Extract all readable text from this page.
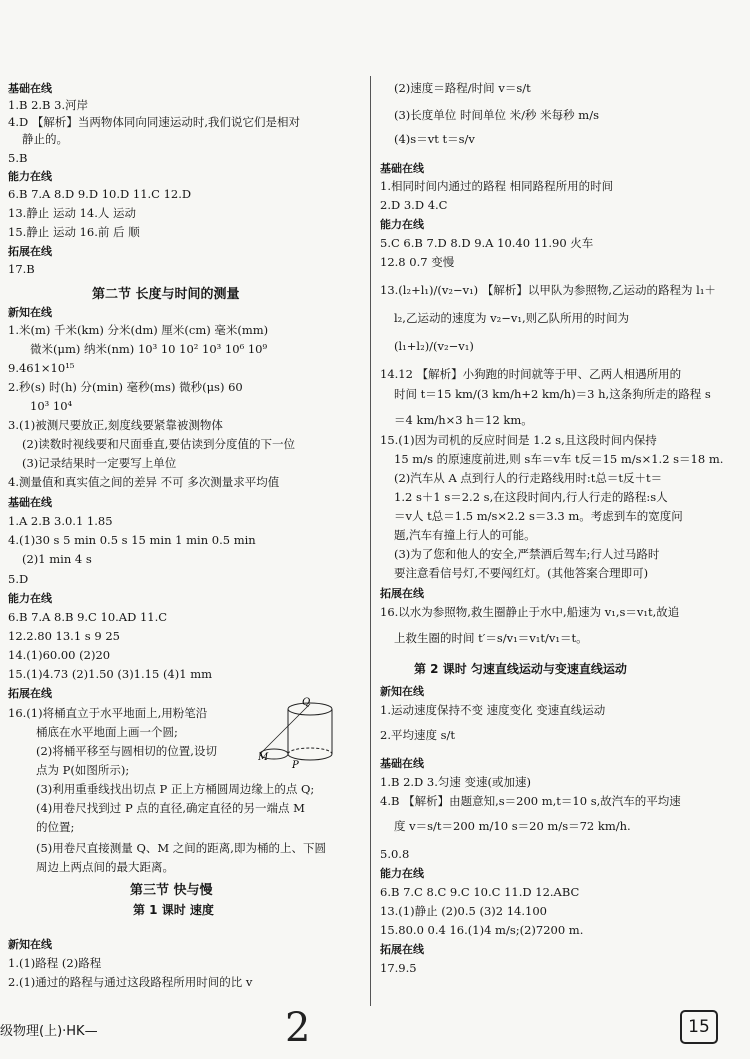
第二节 长度与时间的测量
第三节 快与慢
第 1 课时 速度
Q
M
P
基础在线
1.B 2.B 3.河岸
4.D 【解析】当两物体同向同速运动时,我们说它们是相对
静止的。
5.B
能力在线
6.B 7.A 8.D 9.D 10.D 11.C 12.D
13.静止 运动 14.人 运动
15.静止 运动 16.前 后 顺
拓展在线
17.B
新知在线
1.米(m) 千米(km) 分米(dm) 厘米(cm) 毫米(mm)
微米(μm) 纳米(nm) 10³ 10 10² 10³ 10⁶ 10⁹
9.461×10¹⁵
2.秒(s) 时(h) 分(min) 毫秒(ms) 微秒(μs) 60
10³ 10⁴
3.(1)被测尺要放正,刻度线要紧靠被测物体
(2)读数时视线要和尺面垂直,要估读到分度值的下一位
(3)记录结果时一定要写上单位
4.测量值和真实值之间的差异 不可 多次测量求平均值
基础在线
1.A 2.B 3.0.1 1.85
4.(1)30 s 5 min 0.5 s 15 min 1 min 0.5 min
(2)1 min 4 s
5.D
能力在线
6.B 7.A 8.B 9.C 10.AD 11.C
12.2.80 13.1 s 9 25
14.(1)60.00 (2)20
15.(1)4.73 (2)1.50 (3)1.15 (4)1 mm
拓展在线
16.(1)将桶直立于水平地面上,用粉笔沿
桶底在水平地面上画一个圆;
(2)将桶平移至与圆相切的位置,设切
点为 P(如图所示);
(3)利用重垂线找出切点 P 正上方桶圆周边缘上的点 Q;
(4)用卷尺找到过 P 点的直径,确定直径的另一端点 M
的位置;
(5)用卷尺直接测量 Q、M 之间的距离,即为桶的上、下圆
周边上两点间的最大距离。
新知在线
1.(1)路程 (2)路程
2.(1)通过的路程与通过这段路程所用时间的比 v
第 2 课时 匀速直线运动与变速直线运动
(2)速度＝路程/时间 v＝s/t
(3)长度单位 时间单位 米/秒 米每秒 m/s
(4)s＝vt t＝s/v
基础在线
1.相同时间内通过的路程 相同路程所用的时间
2.D 3.D 4.C
能力在线
5.C 6.B 7.D 8.D 9.A 10.40 11.90 火车
12.8 0.7 变慢
13.(l₂+l₁)/(v₂−v₁) 【解析】以甲队为参照物,乙运动的路程为 l₁＋
l₂,乙运动的速度为 v₂−v₁,则乙队所用的时间为
(l₁+l₂)/(v₂−v₁)
14.12 【解析】小狗跑的时间就等于甲、乙两人相遇所用的
时间 t＝15 km/(3 km/h+2 km/h)＝3 h,这条狗所走的路程 s
＝4 km/h×3 h＝12 km。
15.(1)因为司机的反应时间是 1.2 s,且这段时间内保持
15 m/s 的原速度前进,则 s车＝v车 t反＝15 m/s×1.2 s＝18 m.
(2)汽车从 A 点到行人的行走路线用时:t总＝t反＋t＝
1.2 s＋1 s＝2.2 s,在这段时间内,行人行走的路程:s人
＝v人 t总＝1.5 m/s×2.2 s＝3.3 m。考虑到车的宽度问
题,汽车有撞上行人的可能。
(3)为了您和他人的安全,严禁酒后驾车;行人过马路时
要注意看信号灯,不要闯红灯。(其他答案合理即可)
拓展在线
16.以水为参照物,救生圈静止于水中,船速为 v₁,s＝v₁t,故追
上救生圈的时间 t′＝s/v₁＝v₁t/v₁＝t。
新知在线
1.运动速度保持不变 速度变化 变速直线运动
2.平均速度 s/t
基础在线
1.B 2.D 3.匀速 变速(或加速)
4.B 【解析】由题意知,s＝200 m,t＝10 s,故汽车的平均速
度 v＝s/t＝200 m/10 s＝20 m/s＝72 km/h.
5.0.8
能力在线
6.B 7.C 8.C 9.C 10.C 11.D 12.ABC
13.(1)静止 (2)0.5 (3)2 14.100
15.80.0 0.4 16.(1)4 m/s;(2)7200 m.
拓展在线
17.9.5
级物理(上)·HK—	2	15
